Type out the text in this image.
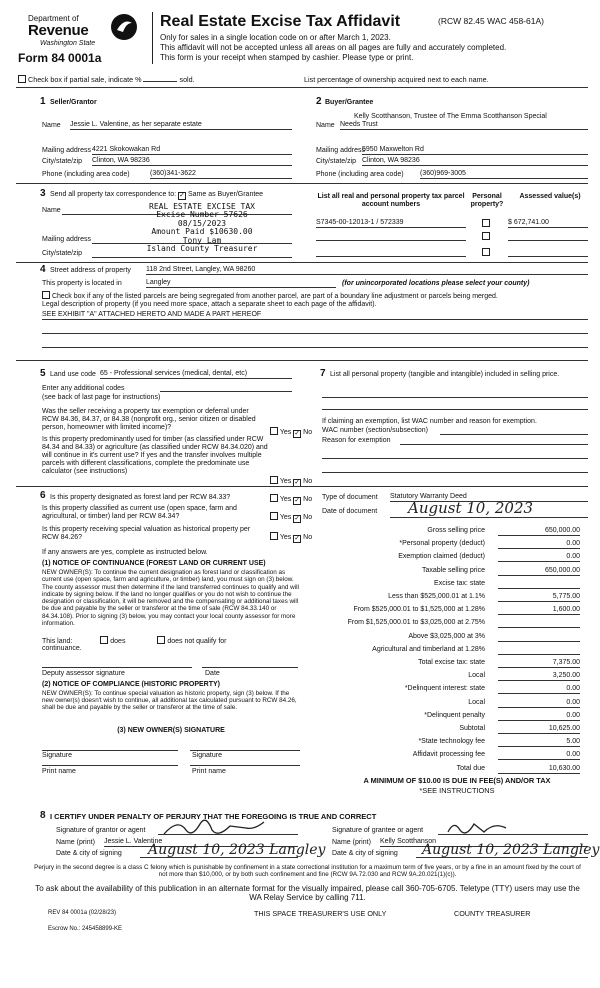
Department of
Revenue
Washington State
Form 84 0001a
Real Estate Excise Tax Affidavit	(RCW 82.45 WAC 458-61A)
Only for sales in a single location code on or after March 1, 2023.
This affidavit will not be accepted unless all areas on all pages are fully and accurately completed.
This form is your receipt when stamped by cashier. Please type or print.
Check box if partial sale, indicate %	sold.	List percentage of ownership acquired next to each name.
1 Seller/Grantor
Name Jessie L. Valentine, as her separate estate
Mailing address 4221 Skokowakan Rd
City/state/zip Clinton, WA 98236
Phone (including area code)	(360)341-3622
2 Buyer/Grantee
Kelly Scotthanson, Trustee of The Emma Scotthanson Special
Name Needs Trust
Mailing address
5950 Maxwelton Rd
City/state/zip Clinton, WA 98236
Phone (including area code) (360)969-3005
3 Send all property tax correspondence to: ✓ Same as Buyer/Grantee
Name
Mailing address
City/state/zip
REAL ESTATE EXCISE TAX
Excise Number 57626
08/15/2023
Amount Paid $10630.00
Tony Lam
Island County Treasurer
List all real and personal property tax parcel account numbers
Personal property?
Assessed value(s)
S7345-00-12013-1 / 572339	$ 672,741.00
4 Street address of property 118 2nd Street, Langley, WA 98260
This property is located in	Langley	(for unincorporated locations please select your county)
Check box if any of the listed parcels are being segregated from another parcel, are part of a boundary line adjustment or parcels being merged.
Legal description of property (if you need more space, attach a separate sheet to each page of the affidavit).
SEE EXHIBIT "A" ATTACHED HERETO AND MADE A PART HEREOF
5 Land use code 65 - Professional services (medical, dental, etc)
Enter any additional codes
(see back of last page for instructions)
Was the seller receiving a property tax exemption or deferral under RCW 84.36, 84.37, or 84.38 (nonprofit org., senior citizen or disabled person, homeowner with limited income)?
Yes ✓ No
Is this property predominantly used for timber (as classified under RCW 84.34 and 84.33) or agriculture (as classified under RCW 84.34.020) and will continue in it's current use? If yes and the transfer involves multiple parcels with different classifications, complete the predominate use calculator (see instructions)
Yes ✓ No
7 List all personal property (tangible and intangible) included in selling price.
If claiming an exemption, list WAC number and reason for exemption.
WAC number (section/subsection)
Reason for exemption
6 Is this property designated as forest land per RCW 84.33?	Yes ✓ No
Is this property classified as current use (open space, farm and agricultural, or timber) land per RCW 84.34?	Yes ✓ No
Is this property receiving special valuation as historical property per RCW 84.26?	Yes ✓ No
If any answers are yes, complete as instructed below.
(1) NOTICE OF CONTINUANCE (FOREST LAND OR CURRENT USE)
NEW OWNER(S): To continue the current designation as forest land or classification as current use (open space, farm and agriculture, or timber) land, you must sign on (3) below. The county assessor must then determine if the land transferred continues to qualify and will indicate by signing below. If the land no longer qualifies or you do not wish to continue the designation or classification, it will be removed and the compensating or additional taxes will be due and payable by the seller or transferor at the time of sale (RCW 84.33.140 or 84.34.108). Prior to signing (3) below, you may contact your local county assessor for more information.
This land:	does	does not qualify for
continuance.
Deputy assessor signature	Date
(2) NOTICE OF COMPLIANCE (HISTORIC PROPERTY)
NEW OWNER(S): To continue special valuation as historic property, sign (3) below. If the new owner(s) doesn't wish to continue, all additional tax calculated pursuant to RCW 84.26, shall be due and payable by the seller or transferor at the time of sale.
(3) NEW OWNER(S) SIGNATURE
Signature	Signature
Print name	Print name
Type of document Statutory Warranty Deed
Date of document August 10, 2023
Gross selling price	650,000.00
*Personal property (deduct)	0.00
Exemption claimed (deduct)	0.00
Taxable selling price	650,000.00
Excise tax: state
Less than $525,000.01 at 1.1%	5,775.00
From $525,000.01 to $1,525,000 at 1.28%	1,600.00
From $1,525,000.01 to $3,025,000 at 2.75%
Above $3,025,000 at 3%
Agricultural and timberland at 1.28%
Total excise tax: state	7,375.00
Local	3,250.00
*Delinquent interest: state	0.00
Local	0.00
*Delinquent penalty	0.00
Subtotal	10,625.00
*State technology fee	5.00
Affidavit processing fee	0.00
Total due	10,630.00
A MINIMUM OF $10.00 IS DUE IN FEE(S) AND/OR TAX
*SEE INSTRUCTIONS
8 I CERTIFY UNDER PENALTY OF PERJURY THAT THE FOREGOING IS TRUE AND CORRECT
Signature of grantor or agent
Name (print) Jessie L. Valentine
Date & city of signing August 10, 2023 Langley
Signature of grantee or agent
Name (print) Kelly Scotthanson
Date & city of signing August 10, 2023 Langley
Perjury in the second degree is a class C felony which is punishable by confinement in a state correctional institution for a maximum term of five years, or by a fine in an amount fixed by the court of not more than $10,000, or by both such confinement and fine (RCW 9A.72.030 and RCW 9A.20.021(1)(c)).
To ask about the availability of this publication in an alternate format for the visually impaired, please call 360-705-6705. Teletype (TTY) users may use the WA Relay Service by calling 711.
REV 84 0001a (02/28/23)	THIS SPACE TREASURER'S USE ONLY	COUNTY TREASURER
Escrow No.: 245458899-KE
